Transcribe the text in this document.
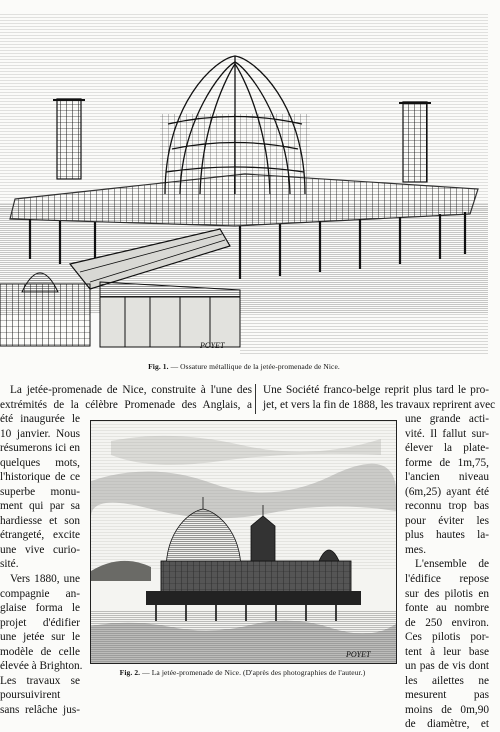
POYET
Fig. 1. — Ossature métallique de la jetée-promenade de Nice.
La jetée-promenade de Nice, construite à l'une des
extrémités de la célèbre Promenade des Anglais, a
été inaugurée le
10 janvier. Nous
résumerons ici en
quelques mots,
l'historique de ce
superbe monu-
ment qui par sa
hardiesse et son
étrangeté, excite
une vive curio-
sité.
Vers 1880, une
compagnie an-
glaise forma le
projet d'édifier
une jetée sur le
modèle de celle
élevée à Brighton.
Les travaux se
poursuivirent
sans relâche jus-
Une Société franco-belge reprit plus tard le pro-
jet, et vers la fin de 1888, les travaux reprirent avec
une grande acti-
vité. Il fallut sur-
élever la plate-
forme de 1m,75,
l'ancien niveau
(6m,25) ayant été
reconnu trop bas
pour éviter les
plus hautes la-
mes.
L'ensemble de
l'édifice repose
sur des pilotis en
fonte au nombre
de 250 environ.
Ces pilotis por-
tent à leur base
un pas de vis dont
les ailettes ne
mesurent pas
moins de 0m,90
de diamètre, et
POYET
Fig. 2. — La jetée-promenade de Nice. (D'après des photographies de l'auteur.)
